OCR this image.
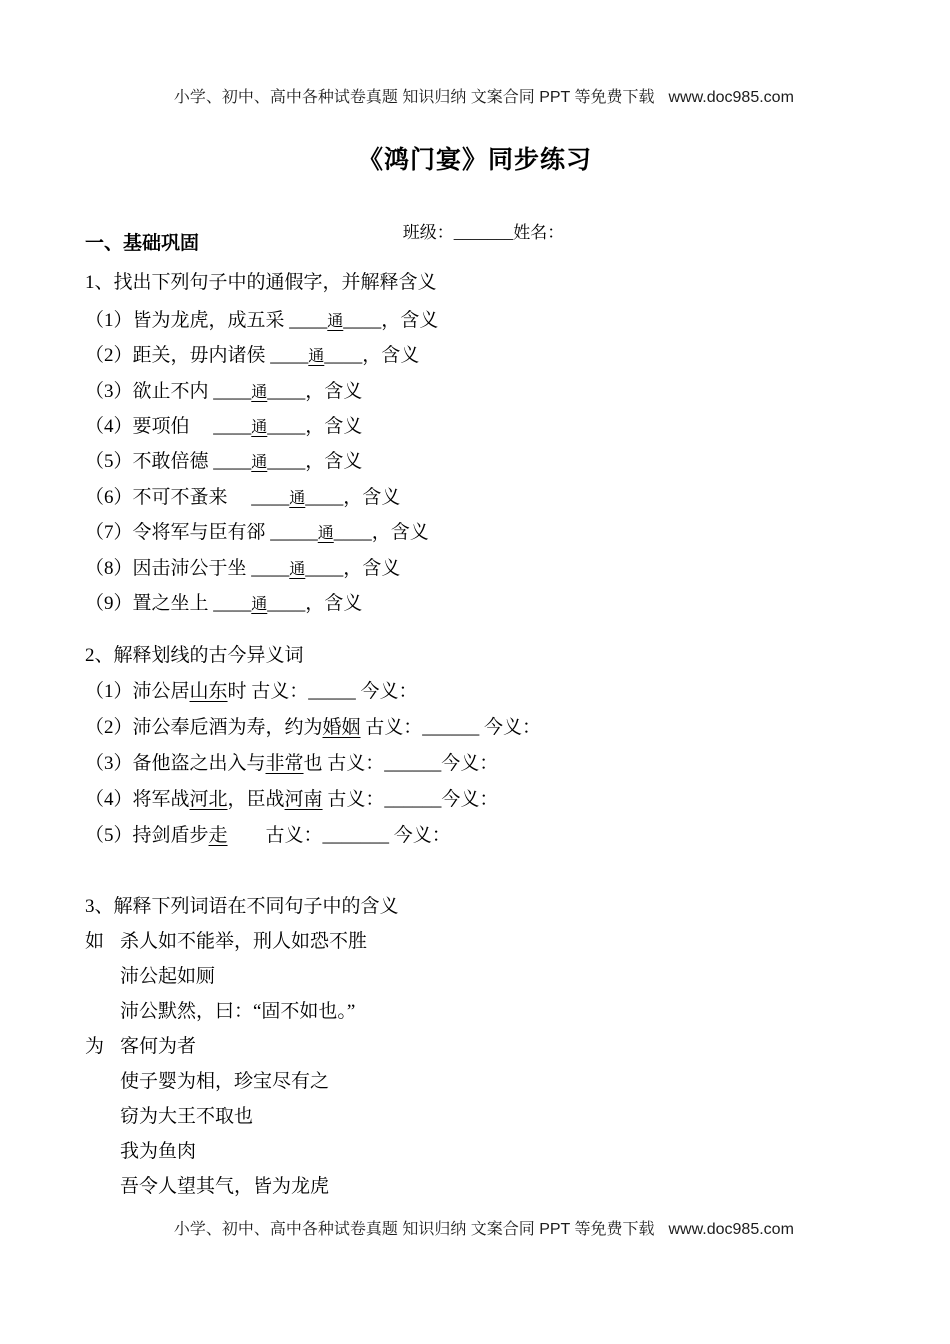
小学、初中、高中各种试卷真题 知识归纳 文案合同 PPT 等免费下载 www.doc985.com

《鸿门宴》同步练习

班级：_______姓名：

一、基础巩固
1、找出下列句子中的通假字，并解释含义
（1）皆为龙虎，成五采 ____通____，含义
（2）距关，毋内诸侯 ____通____，含义
（3）欲止不内 ____通____，含义
（4）要项伯　 ____通____，含义
（5）不敢倍德 ____通____，含义
（6）不可不蚤来　 ____通____，含义
（7）令将军与臣有郤 _____通____，含义
（8）因击沛公于坐 ____通____，含义
（9）置之坐上 ____通____，含义
2、解释划线的古今异义词
（1）沛公居山东时 古义：_____ 今义：
（2）沛公奉卮酒为寿，约为婚姻 古义：______ 今义：
（3）备他盗之出入与非常也 古义：______今义：
（4）将军战河北，臣战河南 古义：______今义：
（5）持剑盾步走　　古义：_______ 今义：
3、解释下列词语在不同句子中的含义
如 杀人如不能举，刑人如恐不胜
沛公起如厕
沛公默然，曰：“固不如也。”
为 客何为者
使子婴为相，珍宝尽有之
窃为大王不取也
我为鱼肉
吾令人望其气，皆为龙虎

小学、初中、高中各种试卷真题 知识归纳 文案合同 PPT 等免费下载 www.doc985.com
